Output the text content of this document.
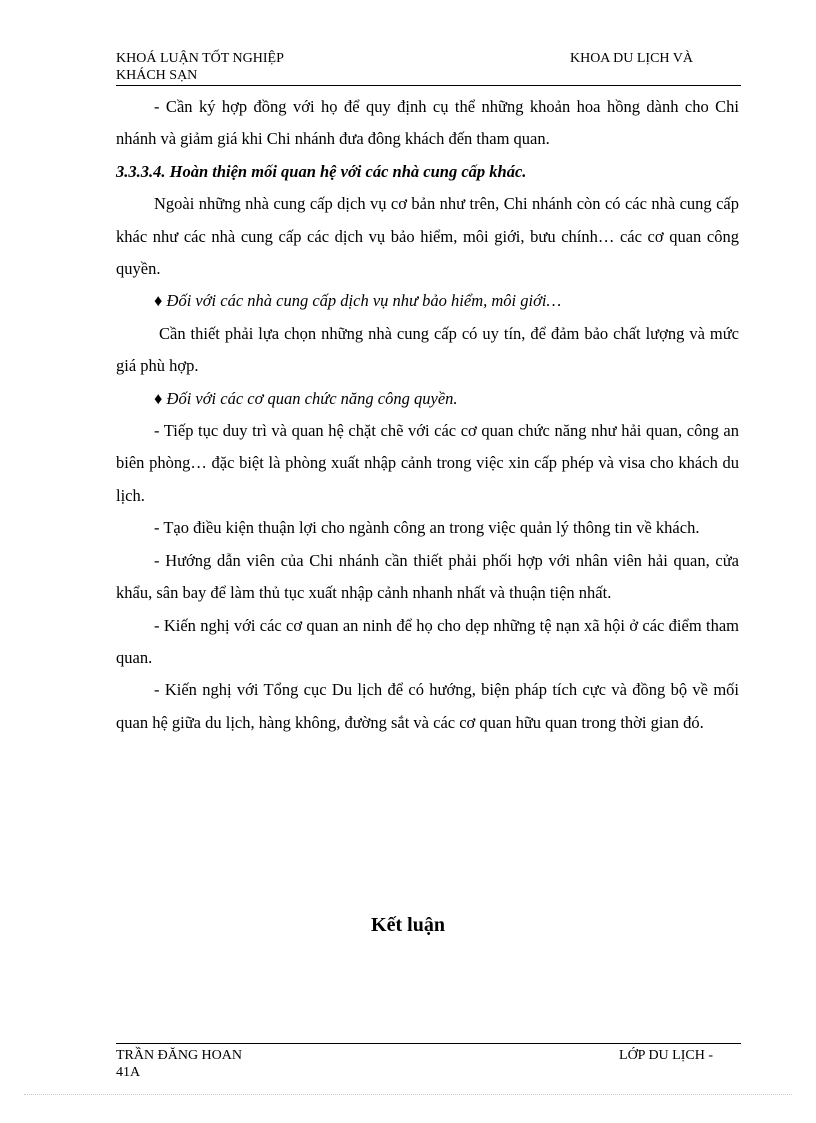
KHOÁ LUẬN TỐT NGHIỆP	KHOA DU LỊCH VÀ
KHÁCH SẠN

- Cần ký hợp đồng với họ để quy định cụ thể những khoản hoa hồng dành cho Chi nhánh và giảm giá khi Chi nhánh đưa đông khách đến tham quan.

3.3.3.4. Hoàn thiện mối quan hệ với các nhà cung cấp khác.

Ngoài những nhà cung cấp dịch vụ cơ bản như trên, Chi nhánh còn có các nhà cung cấp khác như các nhà cung cấp các dịch vụ bảo hiểm, môi giới, bưu chính… các cơ quan công quyền.

♦ Đối với các nhà cung cấp dịch vụ như bảo hiểm, môi giới…

Cần thiết phải lựa chọn những nhà cung cấp có uy tín, để đảm bảo chất lượng và mức giá phù hợp.

♦ Đối với các cơ quan chức năng công quyền.

- Tiếp tục duy trì và quan hệ chặt chẽ với các cơ quan chức năng như hải quan, công an biên phòng… đặc biệt là phòng xuất nhập cảnh trong việc xin cấp phép và visa cho khách du lịch.

- Tạo điều kiện thuận lợi cho ngành công an trong việc quản lý thông tin về khách.

- Hướng dẫn viên của Chi nhánh cần thiết phải phối hợp với nhân viên hải quan, cửa khẩu, sân bay để làm thủ tục xuất nhập cảnh nhanh nhất và thuận tiện nhất.

- Kiến nghị với các cơ quan an ninh để họ cho dẹp những tệ nạn xã hội ở các điểm tham quan.

- Kiến nghị với Tổng cục Du lịch để có hướng, biện pháp tích cực và đồng bộ về mối quan hệ giữa du lịch, hàng không, đường sắt và các cơ quan hữu quan trong thời gian đó.

Kết luận
TRẦN ĐĂNG HOAN	LỚP DU LỊCH -
41A
